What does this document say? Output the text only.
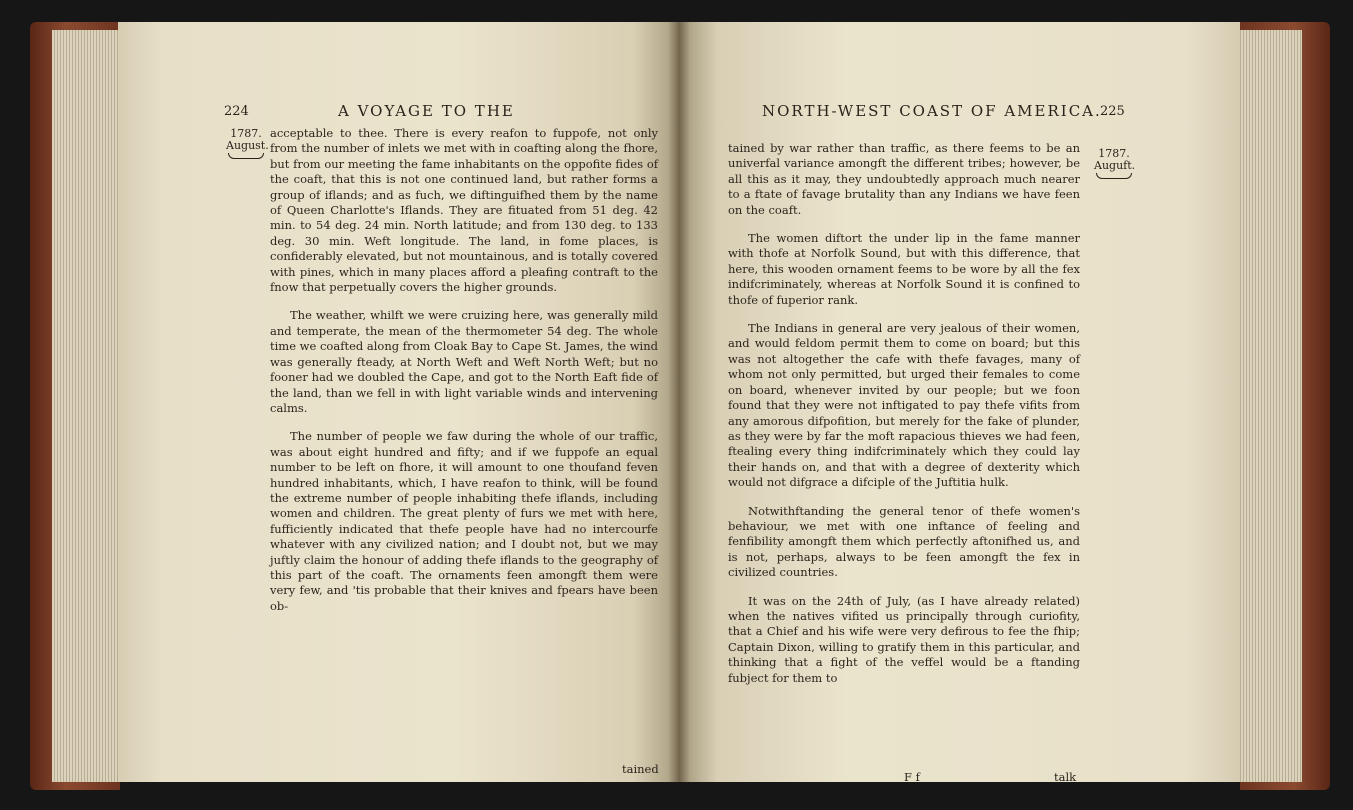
224	A VOYAGE TO THE
1787.
August.

acceptable to thee. There is every reafon to fuppofe, not only from the number of inlets we met with in coafting along the fhore, but from our meeting the fame inhabitants on the oppofite fides of the coaft, that this is not one continued land, but rather forms a group of iflands; and as fuch, we diftinguifhed them by the name of Queen Charlotte's Iflands. They are fituated from 51 deg. 42 min. to 54 deg. 24 min. North latitude; and from 130 deg. to 133 deg. 30 min. Weft longitude. The land, in fome places, is confiderably elevated, but not mountainous, and is totally covered with pines, which in many places afford a pleafing contraft to the fnow that perpetually covers the higher grounds.

The weather, whilft we were cruizing here, was generally mild and temperate, the mean of the thermometer 54 deg. The whole time we coafted along from Cloak Bay to Cape St. James, the wind was generally fteady, at North Weft and Weft North Weft; but no fooner had we doubled the Cape, and got to the North Eaft fide of the land, than we fell in with light variable winds and intervening calms.

The number of people we faw during the whole of our traffic, was about eight hundred and fifty; and if we fuppofe an equal number to be left on fhore, it will amount to one thoufand feven hundred inhabitants, which, I have reafon to think, will be found the extreme number of people inhabiting thefe iflands, including women and children. The great plenty of furs we met with here, fufficiently indicated that thefe people have had no intercourfe whatever with any civilized nation; and I doubt not, but we may juftly claim the honour of adding thefe iflands to the geography of this part of the coaft. The ornaments feen amongft them were very few, and 'tis probable that their knives and fpears have been ob-

tained
NORTH-WEST COAST OF AMERICA.
225
1787.
Auguft.

tained by war rather than traffic, as there feems to be an univerfal variance amongft the different tribes; however, be all this as it may, they undoubtedly approach much nearer to a ftate of favage brutality than any Indians we have feen on the coaft.

The women diftort the under lip in the fame manner with thofe at Norfolk Sound, but with this difference, that here, this wooden ornament feems to be wore by all the fex indifcriminately, whereas at Norfolk Sound it is confined to thofe of fuperior rank.

The Indians in general are very jealous of their women, and would feldom permit them to come on board; but this was not altogether the cafe with thefe favages, many of whom not only permitted, but urged their females to come on board, whenever invited by our people; but we foon found that they were not inftigated to pay thefe vifits from any amorous difpofition, but merely for the fake of plunder, as they were by far the moft rapacious thieves we had feen, ftealing every thing indifcriminately which they could lay their hands on, and that with a degree of dexterity which would not difgrace a difciple of the Juftitia hulk.

Notwithftanding the general tenor of thefe women's behaviour, we met with one inftance of feeling and fenfibility amongft them which perfectly aftonifhed us, and is not, perhaps, always to be feen amongft the fex in civilized countries.

It was on the 24th of July, (as I have already related) when the natives vifited us principally through curiofity, that a Chief and his wife were very defirous to fee the fhip; Captain Dixon, willing to gratify them in this particular, and thinking that a fight of the veffel would be a ftanding fubject for them to

F f	talk
